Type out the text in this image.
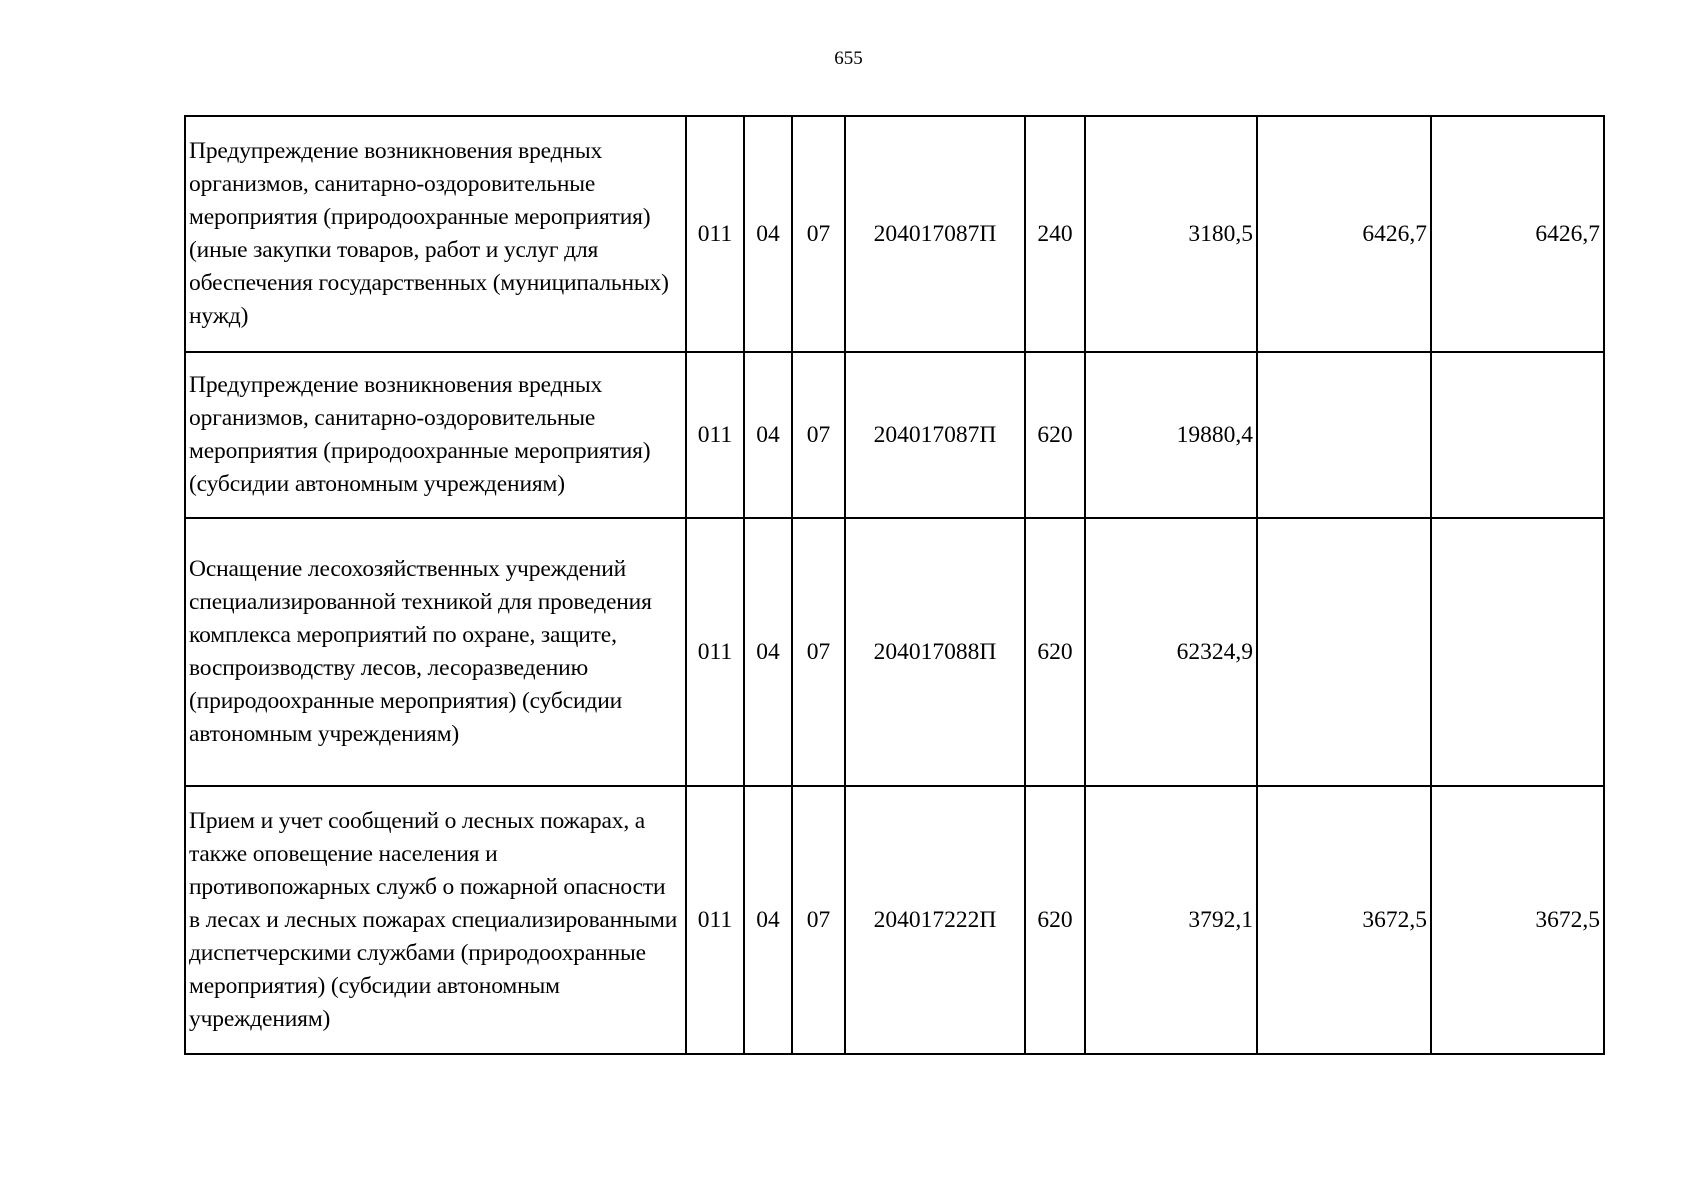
655
Предупреждение возникновения вредных организмов, санитарно-оздоровительные мероприятия (природоохранные мероприятия) (иные закупки товаров, работ и услуг для обеспечения государственных (муниципальных) нужд)	011	04	07	204017087П	240	3180,5	6426,7	6426,7
Предупреждение возникновения вредных организмов, санитарно-оздоровительные мероприятия (природоохранные мероприятия) (субсидии автономным учреждениям)	011	04	07	204017087П	620	19880,4		
Оснащение лесохозяйственных учреждений специализированной техникой для проведения комплекса мероприятий по охране, защите, воспроизводству лесов, лесоразведению (природоохранные мероприятия) (субсидии автономным учреждениям)	011	04	07	204017088П	620	62324,9		
Прием и учет сообщений о лесных пожарах, а также оповещение населения и противопожарных служб о пожарной опасности в лесах и лесных пожарах специализированными диспетчерскими службами (природоохранные мероприятия) (субсидии автономным учреждениям)	011	04	07	204017222П	620	3792,1	3672,5	3672,5
